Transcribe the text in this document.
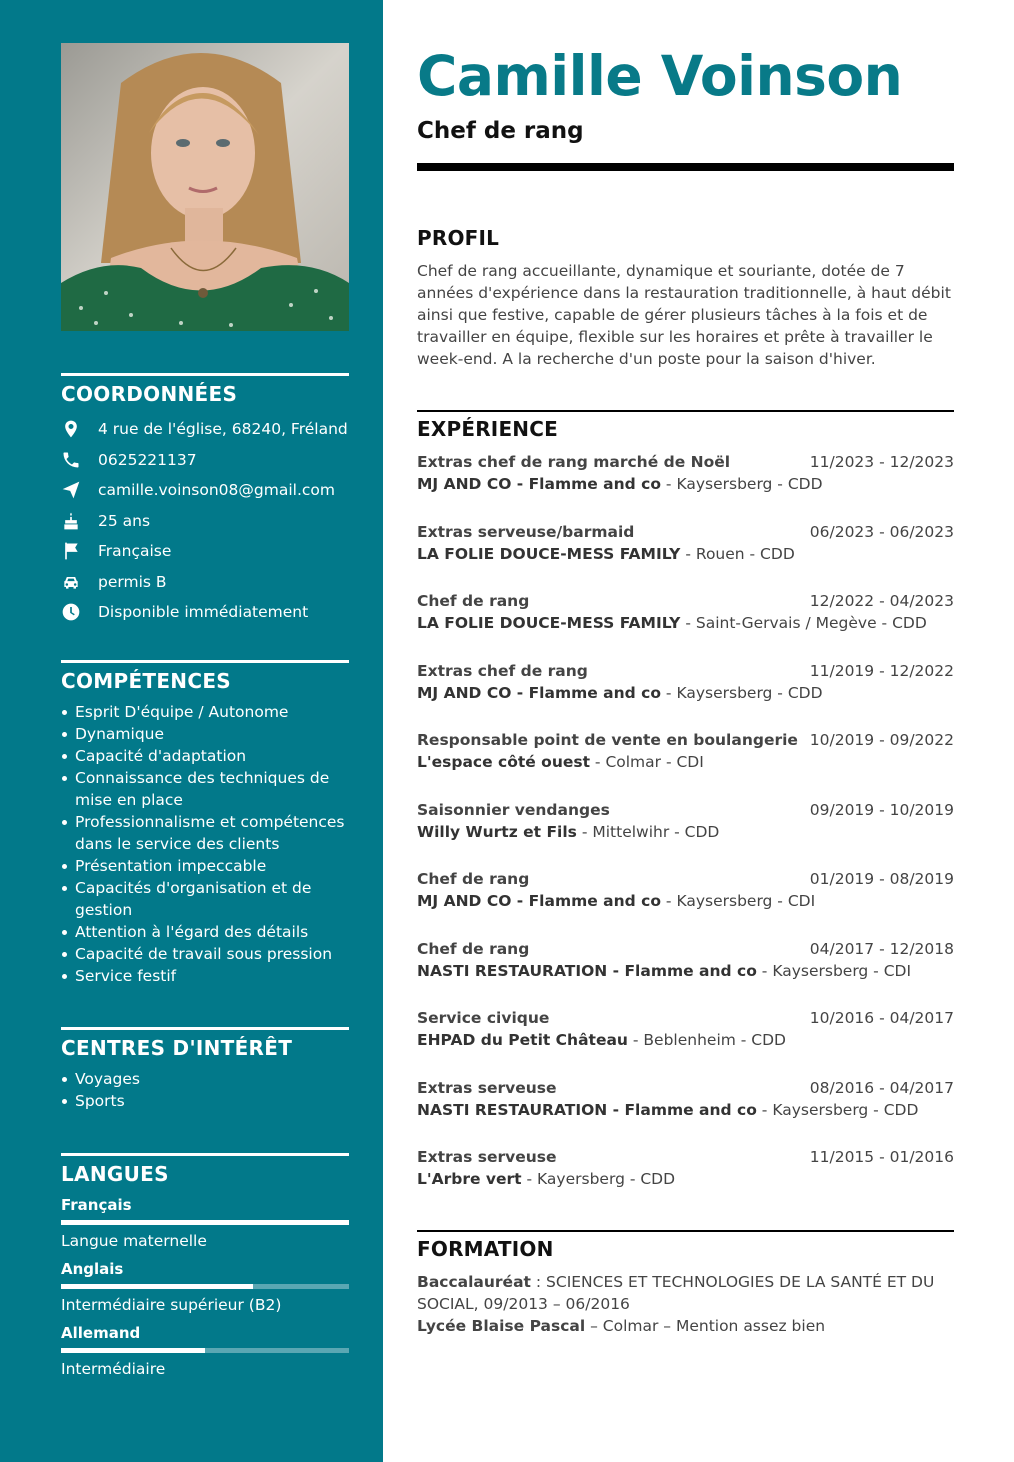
COORDONNÉES
4 rue de l'église, 68240, Fréland
0625221137
camille.voinson08@gmail.com
25 ans
Française
permis B
Disponible immédiatement
COMPÉTENCES
Esprit D'équipe / Autonome
Dynamique
Capacité d'adaptation
Connaissance des techniques de mise en place
Professionnalisme et compétences dans le service des clients
Présentation impeccable
Capacités d'organisation et de gestion
Attention à l'égard des détails
Capacité de travail sous pression
Service festif
CENTRES D'INTÉRÊT
Voyages
Sports
LANGUES
Français
Langue maternelle
Anglais
Intermédiaire supérieur (B2)
Allemand
Intermédiaire
Camille Voinson
Chef de rang
PROFIL

Chef de rang accueillante, dynamique et souriante, dotée de 7 années d'expérience dans la restauration traditionnelle, à haut débit ainsi que festive, capable de gérer plusieurs tâches à la fois et de travailler en équipe, flexible sur les horaires et prête à travailler le week-end. A la recherche d'un poste pour la saison d'hiver.

EXPÉRIENCE
Extras chef de rang marché de Noël	11/2023 - 12/2023
MJ AND CO - Flamme and co - Kaysersberg - CDD
Extras serveuse/barmaid	06/2023 - 06/2023
LA FOLIE DOUCE-MESS FAMILY - Rouen - CDD
Chef de rang	12/2022 - 04/2023
LA FOLIE DOUCE-MESS FAMILY - Saint-Gervais / Megève - CDD
Extras chef de rang	11/2019 - 12/2022
MJ AND CO - Flamme and co - Kaysersberg - CDD
Responsable point de vente en boulangerie 10/2019 - 09/2022
L'espace côté ouest - Colmar - CDI
Saisonnier vendanges	09/2019 - 10/2019
Willy Wurtz et Fils - Mittelwihr - CDD
Chef de rang	01/2019 - 08/2019
MJ AND CO - Flamme and co - Kaysersberg - CDI
Chef de rang	04/2017 - 12/2018
NASTI RESTAURATION - Flamme and co - Kaysersberg - CDI
Service civique	10/2016 - 04/2017
EHPAD du Petit Château - Beblenheim - CDD
Extras serveuse	08/2016 - 04/2017
NASTI RESTAURATION - Flamme and co - Kaysersberg - CDD
Extras serveuse	11/2015 - 01/2016
L'Arbre vert - Kayersberg - CDD
FORMATION

Baccalauréat : SCIENCES ET TECHNOLOGIES DE LA SANTÉ ET DU SOCIAL, 09/2013 – 06/2016

Lycée Blaise Pascal – Colmar – Mention assez bien
